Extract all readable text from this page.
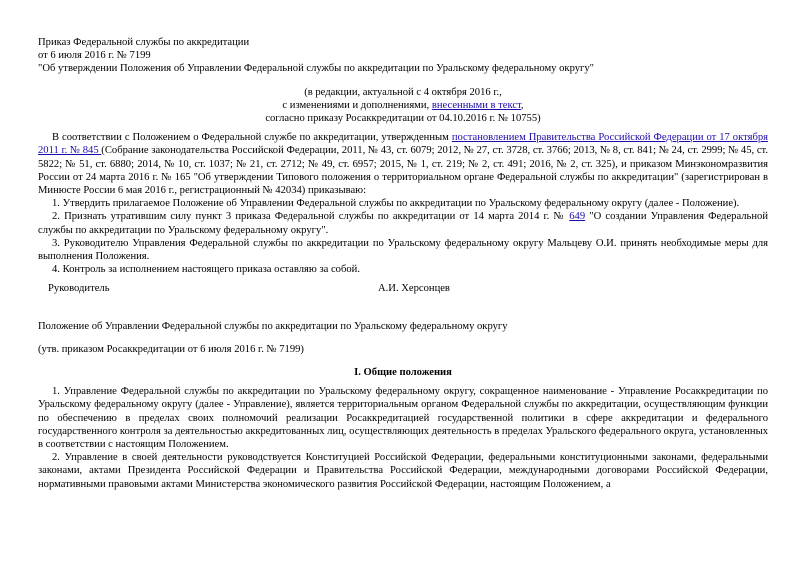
Приказ Федеральной службы по аккредитации
от 6 июля 2016 г. № 7199
"Об утверждении Положения об Управлении Федеральной службы по аккредитации по Уральскому федеральному округу"
(в редакции, актуальной с 4 октября 2016 г.,
с изменениями и дополнениями, внесенными в текст,
согласно приказу Росаккредитации от 04.10.2016 г. № 10755)

В соответствии с Положением о Федеральной службе по аккредитации, утвержденным постановлением Правительства Российской Федерации от 17 октября 2011 г. № 845 (Собрание законодательства Российской Федерации, 2011, № 43, ст. 6079; 2012, № 27, ст. 3728, ст. 3766; 2013, № 8, ст. 841; № 24, ст. 2999; № 45, ст. 5822; № 51, ст. 6880; 2014, № 10, ст. 1037; № 21, ст. 2712; № 49, ст. 6957; 2015, № 1, ст. 219; № 2, ст. 491; 2016, № 2, ст. 325), и приказом Минэкономразвития России от 24 марта 2016 г. № 165 "Об утверждении Типового положения о территориальном органе Федеральной службы по аккредитации" (зарегистрирован в Минюсте России 6 мая 2016 г., регистрационный № 42034) приказываю:

1. Утвердить прилагаемое Положение об Управлении Федеральной службы по аккредитации по Уральскому федеральному округу (далее - Положение).

2. Признать утратившим силу пункт 3 приказа Федеральной службы по аккредитации от 14 марта 2014 г. № 649 "О создании Управления Федеральной службы по аккредитации по Уральскому федеральному округу".

3. Руководителю Управления Федеральной службы по аккредитации по Уральскому федеральному округу Мальцеву О.И. принять необходимые меры для выполнения Положения.

4. Контроль за исполнением настоящего приказа оставляю за собой.

Руководитель	А.И. Херсонцев
Положение об Управлении Федеральной службы по аккредитации по Уральскому федеральному округу
(утв. приказом Росаккредитации от 6 июля 2016 г. № 7199)
I. Общие положения

1. Управление Федеральной службы по аккредитации по Уральскому федеральному округу, сокращенное наименование - Управление Росаккредитации по Уральскому федеральному округу (далее - Управление), является территориальным органом Федеральной службы по аккредитации, осуществляющим функции по обеспечению в пределах своих полномочий реализации Росаккредитацией государственной политики в сфере аккредитации и федерального государственного контроля за деятельностью аккредитованных лиц, осуществляющих деятельность в пределах Уральского федерального округа, установленных в соответствии с настоящим Положением.

2. Управление в своей деятельности руководствуется Конституцией Российской Федерации, федеральными конституционными законами, федеральными законами, актами Президента Российской Федерации и Правительства Российской Федерации, международными договорами Российской Федерации, нормативными правовыми актами Министерства экономического развития Российской Федерации, настоящим Положением, а
